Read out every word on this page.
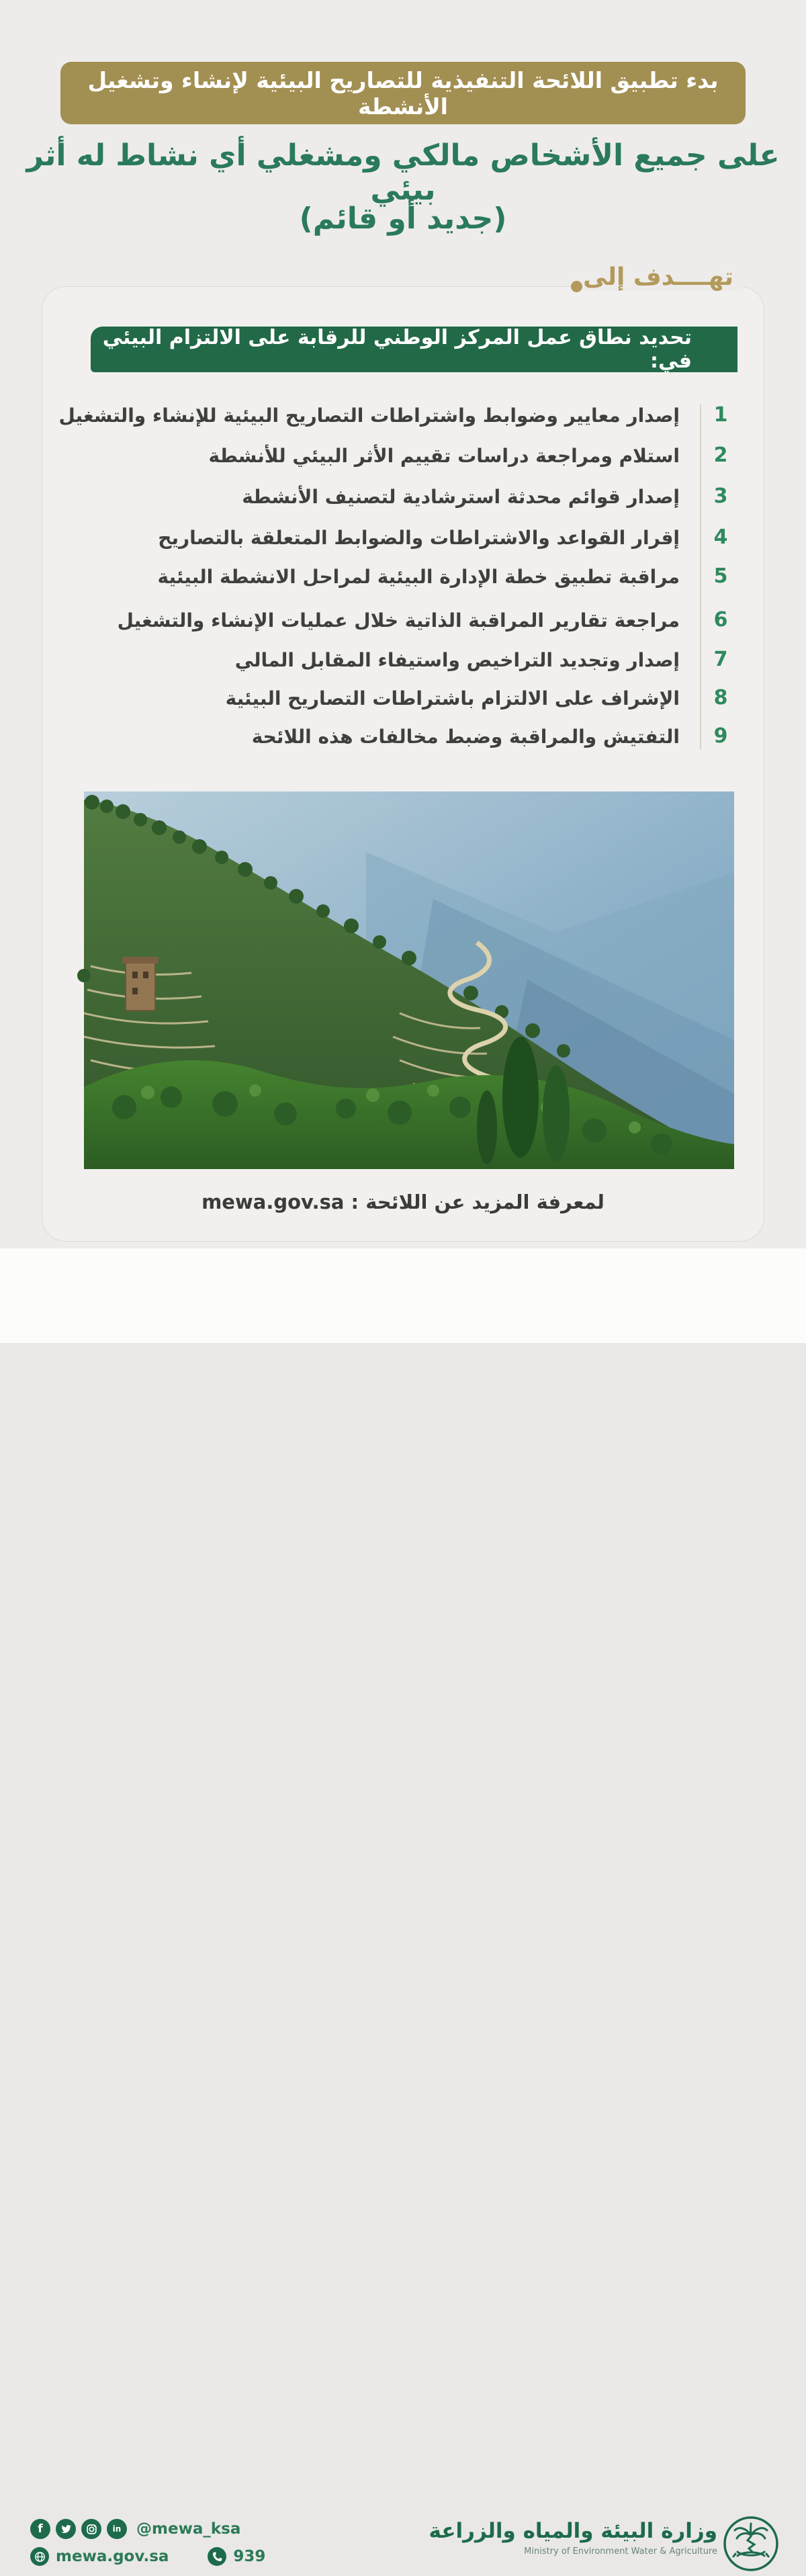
بدء تطبيق اللائحة التنفيذية للتصاريح البيئية لإنشاء وتشغيل الأنشطة
على جميع الأشخاص مالكي ومشغلي أي نشاط له أثر بيئي
(جديد أو قائم)
تهــــدف إلى
تحديد نطاق عمل المركز الوطني للرقابة على الالتزام البيئي في:
إصدار معايير وضوابط واشتراطات التصاريح البيئية للإنشاء والتشغيل	1
استلام ومراجعة دراسات تقييم الأثر البيئي للأنشطة	2
إصدار قوائم محدثة استرشادية لتصنيف الأنشطة	3
إقرار القواعد والاشتراطات والضوابط المتعلقة بالتصاريح	4
مراقبة تطبيق خطة الإدارة البيئية لمراحل الانشطة البيئية	5
مراجعة تقارير المراقبة الذاتية خلال عمليات الإنشاء والتشغيل	6
إصدار وتجديد التراخيص واستيفاء المقابل المالي	7
الإشراف على الالتزام باشتراطات التصاريح البيئية	8
التفتيش والمراقبة وضبط مخالفات هذه اللائحة	9
لمعرفة المزيد عن اللائحة : mewa.gov.sa
f	in @mewa_ksa
mewa.gov.sa	939
وزارة البيئة والمياه والزراعة
Ministry of Environment Water & Agriculture
